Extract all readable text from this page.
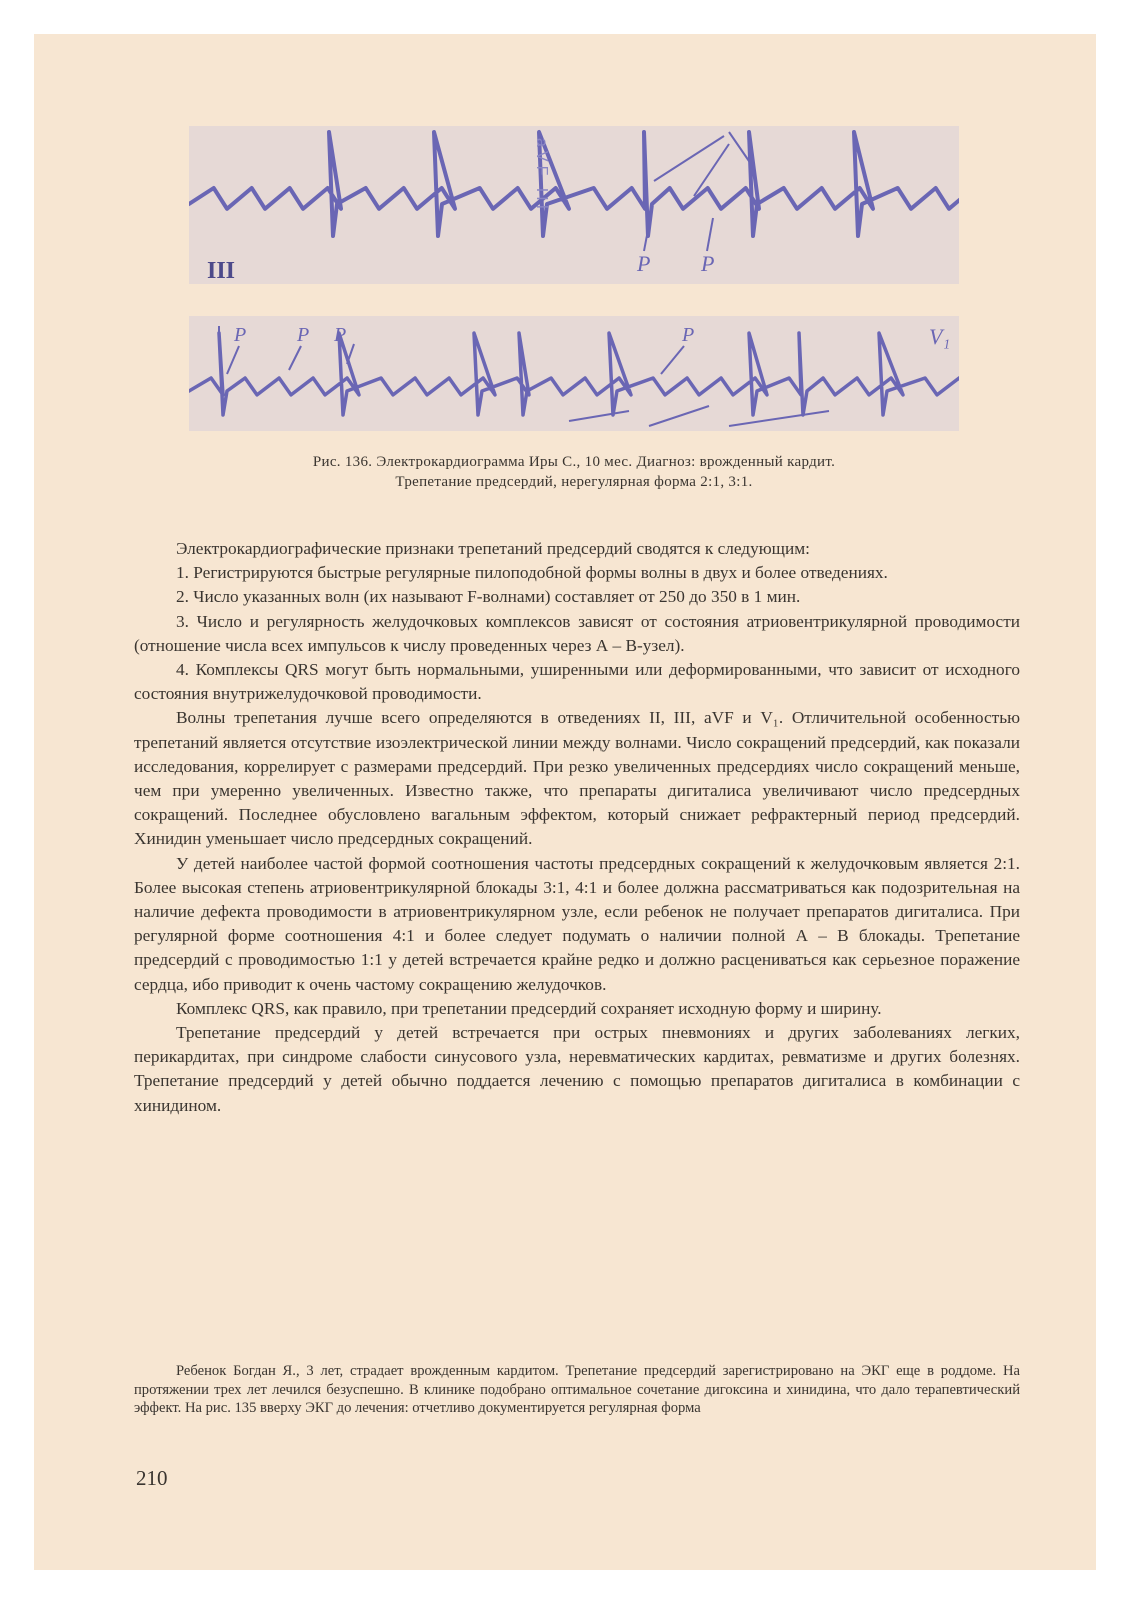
aVF III
III	P P
P	P P	P	V₁
Рис. 136. Электрокардиограмма Иры С., 10 мес. Диагноз: врожденный кардит.
Трепетание предсердий, нерегулярная форма 2:1, 3:1.

Электрокардиографические признаки трепетаний предсердий сводятся к следующим:

1. Регистрируются быстрые регулярные пилоподобной формы волны в двух и более отведениях.

2. Число указанных волн (их называют F-волнами) составляет от 250 до 350 в 1 мин.

3. Число и регулярность желудочковых комплексов зависят от состояния атриовентрикулярной проводимости (отношение числа всех импульсов к числу проведенных через А – В-узел).

4. Комплексы QRS могут быть нормальными, уширенными или деформированными, что зависит от исходного состояния внутрижелудочковой проводимости.

Волны трепетания лучше всего определяются в отведениях II, III, aVF и V₁. Отличительной особенностью трепетаний является отсутствие изоэлектрической линии между волнами. Число сокращений предсердий, как показали исследования, коррелирует с размерами предсердий. При резко увеличенных предсердиях число сокращений меньше, чем при умеренно увеличенных. Известно также, что препараты дигиталиса увеличивают число предсердных сокращений. Последнее обусловлено вагальным эффектом, который снижает рефрактерный период предсердий. Хинидин уменьшает число предсердных сокращений.

У детей наиболее частой формой соотношения частоты предсердных сокращений к желудочковым является 2:1. Более высокая степень атриовентрикулярной блокады 3:1, 4:1 и более должна рассматриваться как подозрительная на наличие дефекта проводимости в атриовентрикулярном узле, если ребенок не получает препаратов дигиталиса. При регулярной форме соотношения 4:1 и более следует подумать о наличии полной А – В блокады. Трепетание предсердий с проводимостью 1:1 у детей встречается крайне редко и должно расцениваться как серьезное поражение сердца, ибо приводит к очень частому сокращению желудочков.

Комплекс QRS, как правило, при трепетании предсердий сохраняет исходную форму и ширину.

Трепетание предсердий у детей встречается при острых пневмониях и других заболеваниях легких, перикардитах, при синдроме слабости синусового узла, неревматических кардитах, ревматизме и других болезнях. Трепетание предсердий у детей обычно поддается лечению с помощью препаратов дигиталиса в комбинации с хинидином.

Ребенок Богдан Я., 3 лет, страдает врожденным кардитом. Трепетание предсердий зарегистрировано на ЭКГ еще в роддоме. На протяжении трех лет лечился безуспешно. В клинике подобрано оптимальное сочетание дигоксина и хинидина, что дало терапевтический эффект. На рис. 135 вверху ЭКГ до лечения: отчетливо документируется регулярная форма

210
